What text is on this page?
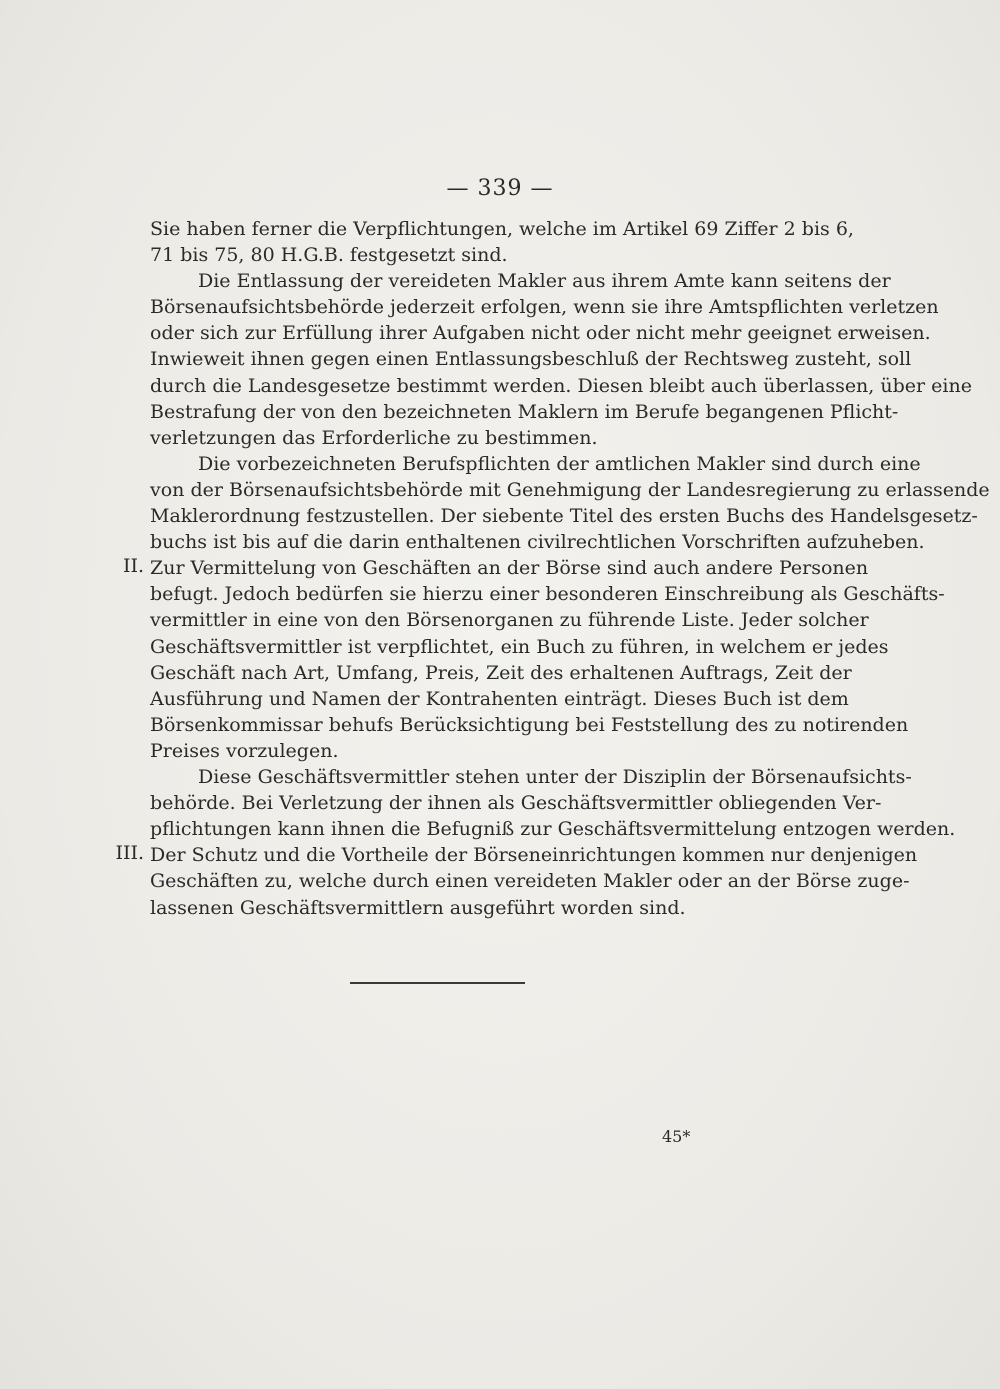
— 339 —
Sie haben ferner die Verpflichtungen, welche im Artikel 69 Ziffer 2 bis 6,
71 bis 75, 80 H.G.B. festgesetzt sind.
Die Entlassung der vereideten Makler aus ihrem Amte kann seitens der
Börsenaufsichtsbehörde jederzeit erfolgen, wenn sie ihre Amtspflichten verletzen
oder sich zur Erfüllung ihrer Aufgaben nicht oder nicht mehr geeignet erweisen.
Inwieweit ihnen gegen einen Entlassungsbeschluß der Rechtsweg zusteht, soll
durch die Landesgesetze bestimmt werden. Diesen bleibt auch überlassen, über eine
Bestrafung der von den bezeichneten Maklern im Berufe begangenen Pflicht-
verletzungen das Erforderliche zu bestimmen.
Die vorbezeichneten Berufspflichten der amtlichen Makler sind durch eine
von der Börsenaufsichtsbehörde mit Genehmigung der Landesregierung zu erlassende
Maklerordnung festzustellen. Der siebente Titel des ersten Buchs des Handelsgesetz-
buchs ist bis auf die darin enthaltenen civilrechtlichen Vorschriften aufzuheben.
II. Zur Vermittelung von Geschäften an der Börse sind auch andere Personen
befugt. Jedoch bedürfen sie hierzu einer besonderen Einschreibung als Geschäfts-
vermittler in eine von den Börsenorganen zu führende Liste. Jeder solcher
Geschäftsvermittler ist verpflichtet, ein Buch zu führen, in welchem er jedes
Geschäft nach Art, Umfang, Preis, Zeit des erhaltenen Auftrags, Zeit der
Ausführung und Namen der Kontrahenten einträgt. Dieses Buch ist dem
Börsenkommissar behufs Berücksichtigung bei Feststellung des zu notirenden
Preises vorzulegen.
Diese Geschäftsvermittler stehen unter der Disziplin der Börsenaufsichts-
behörde. Bei Verletzung der ihnen als Geschäftsvermittler obliegenden Ver-
pflichtungen kann ihnen die Befugniß zur Geschäftsvermittelung entzogen werden.
III. Der Schutz und die Vortheile der Börseneinrichtungen kommen nur denjenigen
Geschäften zu, welche durch einen vereideten Makler oder an der Börse zuge-
lassenen Geschäftsvermittlern ausgeführt worden sind.
45*
